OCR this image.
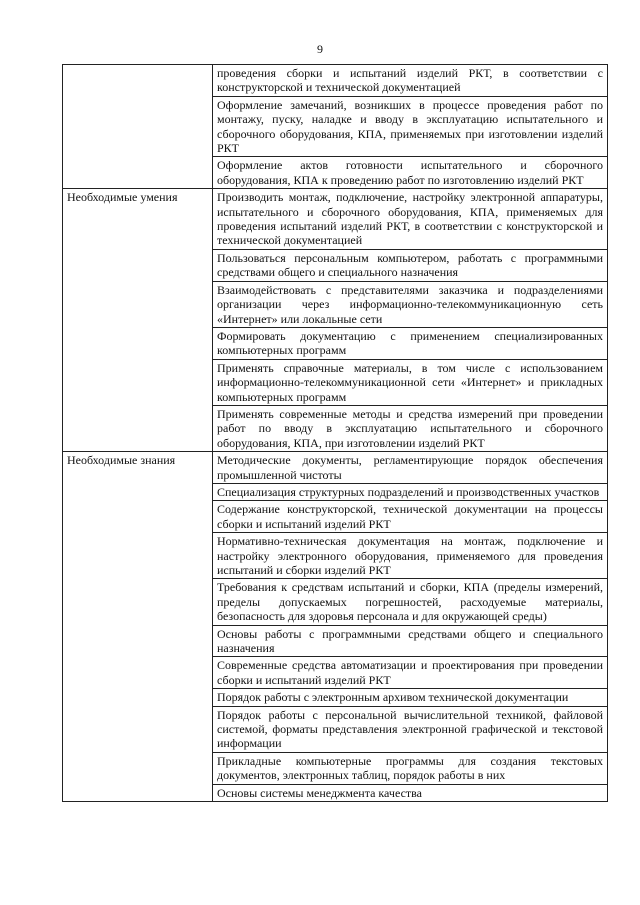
9
	проведения сборки и испытаний изделий РКТ, в соответствии с конструкторской и технической документацией
	Оформление замечаний, возникших в процессе проведения работ по монтажу, пуску, наладке и вводу в эксплуатацию испытательного и сборочного оборудования, КПА, применяемых при изготовлении изделий РКТ
	Оформление актов готовности испытательного и сборочного оборудования, КПА к проведению работ по изготовлению изделий РКТ
Необходимые умения	Производить монтаж, подключение, настройку электронной аппаратуры, испытательного и сборочного оборудования, КПА, применяемых для проведения испытаний изделий РКТ, в соответствии с конструкторской и технической документацией
	Пользоваться персональным компьютером, работать с программными средствами общего и специального назначения
	Взаимодействовать с представителями заказчика и подразделениями организации через информационно-телекоммуникационную сеть «Интернет» или локальные сети
	Формировать документацию с применением специализированных компьютерных программ
	Применять справочные материалы, в том числе с использованием информационно-телекоммуникационной сети «Интернет» и прикладных компьютерных программ
	Применять современные методы и средства измерений при проведении работ по вводу в эксплуатацию испытательного и сборочного оборудования, КПА, при изготовлении изделий РКТ
Необходимые знания	Методические документы, регламентирующие порядок обеспечения промышленной чистоты
	Специализация структурных подразделений и производственных участков
	Содержание конструкторской, технической документации на процессы сборки и испытаний изделий РКТ
	Нормативно-техническая документация на монтаж, подключение и настройку электронного оборудования, применяемого для проведения испытаний и сборки изделий РКТ
	Требования к средствам испытаний и сборки, КПА (пределы измерений, пределы допускаемых погрешностей, расходуемые материалы, безопасность для здоровья персонала и для окружающей среды)
	Основы работы с программными средствами общего и специального назначения
	Современные средства автоматизации и проектирования при проведении сборки и испытаний изделий РКТ
	Порядок работы с электронным архивом технической документации
	Порядок работы с персональной вычислительной техникой, файловой системой, форматы представления электронной графической и текстовой информации
	Прикладные компьютерные программы для создания текстовых документов, электронных таблиц, порядок работы в них
	Основы системы менеджмента качества
